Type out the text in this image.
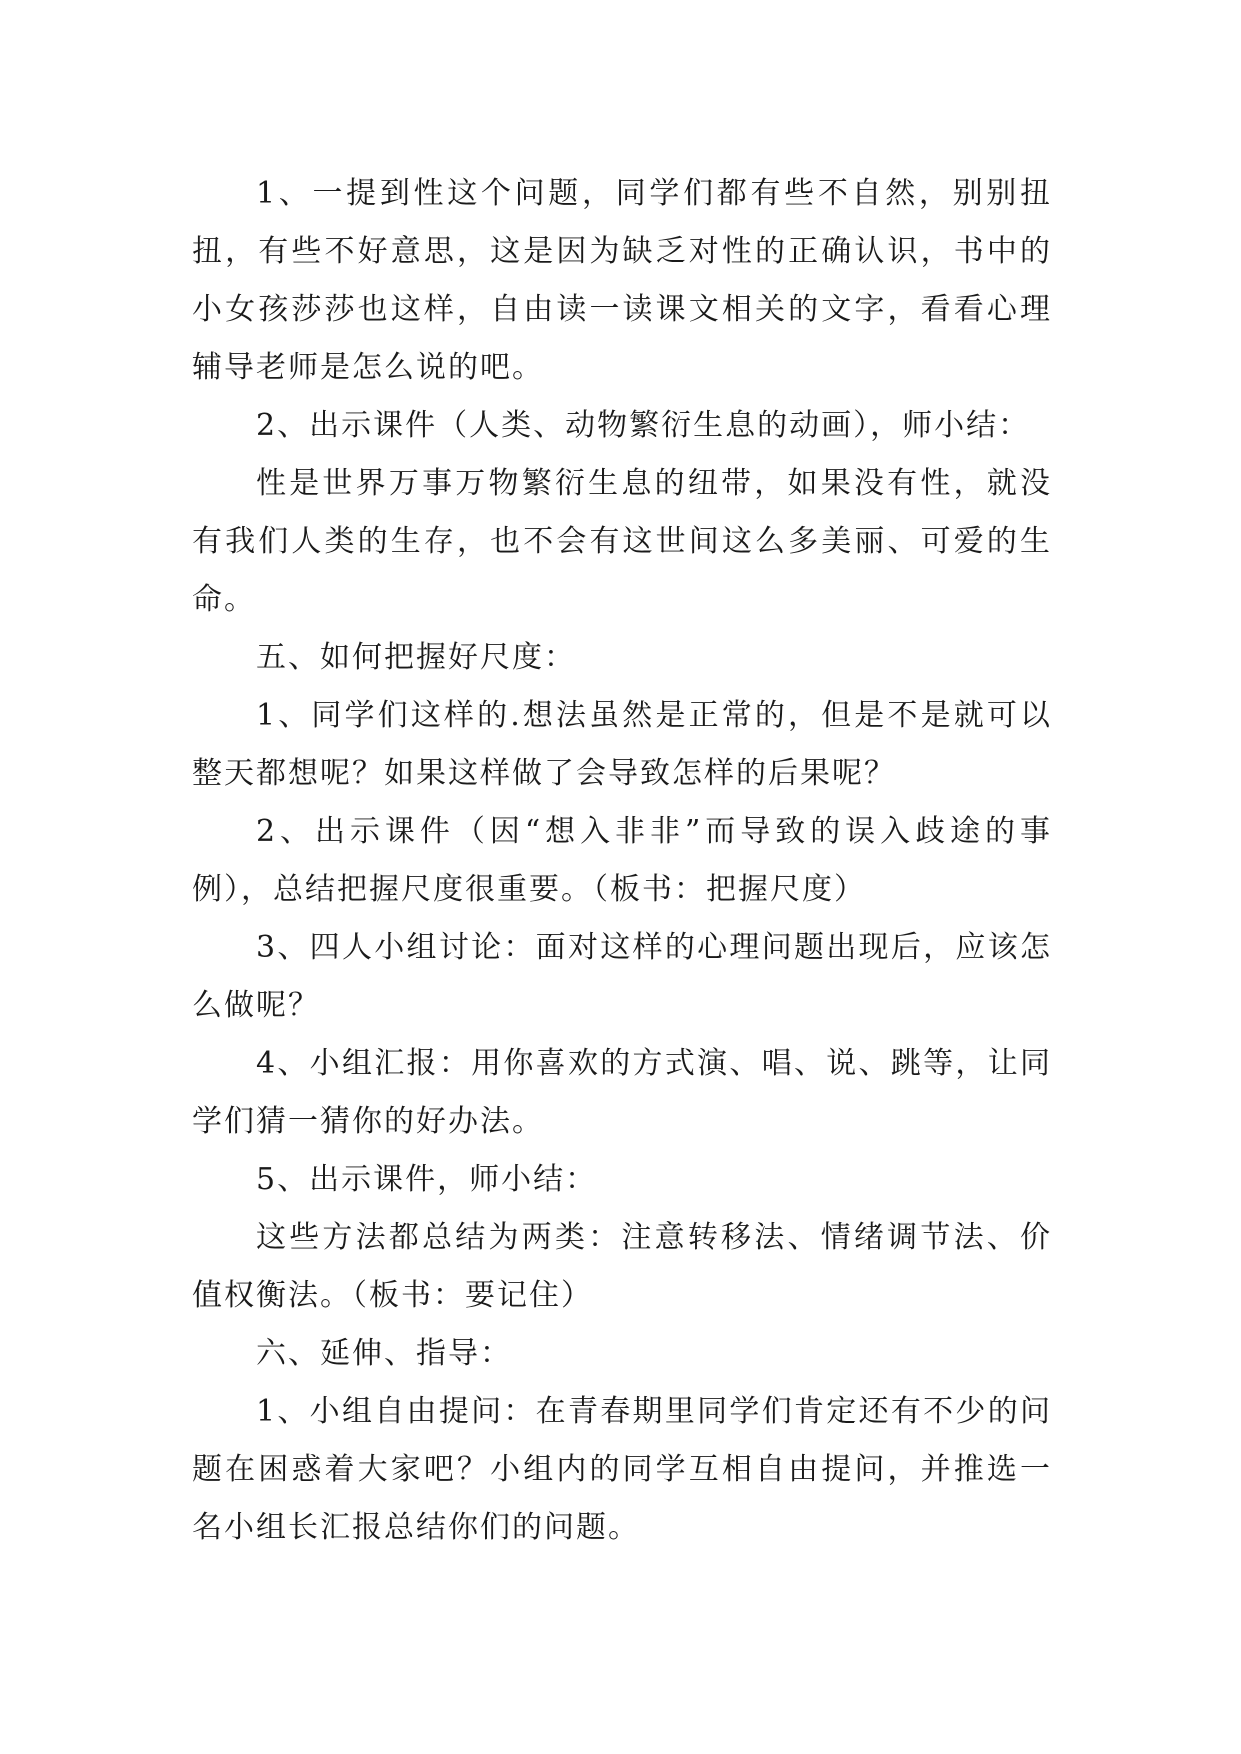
1、一提到性这个问题，同学们都有些不自然，别别扭扭，有些不好意思，这是因为缺乏对性的正确认识，书中的小女孩莎莎也这样，自由读一读课文相关的文字，看看心理辅导老师是怎么说的吧。

2、出示课件（人类、动物繁衍生息的动画），师小结：

性是世界万事万物繁衍生息的纽带，如果没有性，就没有我们人类的生存，也不会有这世间这么多美丽、可爱的生命。

五、如何把握好尺度：

1、同学们这样的.想法虽然是正常的，但是不是就可以整天都想呢？如果这样做了会导致怎样的后果呢？

2、出示课件（因“想入非非”而导致的误入歧途的事例），总结把握尺度很重要。（板书：把握尺度）

3、四人小组讨论：面对这样的心理问题出现后，应该怎么做呢？

4、小组汇报：用你喜欢的方式演、唱、说、跳等，让同学们猜一猜你的好办法。

5、出示课件，师小结：

这些方法都总结为两类：注意转移法、情绪调节法、价值权衡法。（板书：要记住）

六、延伸、指导：

1、小组自由提问：在青春期里同学们肯定还有不少的问题在困惑着大家吧？小组内的同学互相自由提问，并推选一名小组长汇报总结你们的问题。
